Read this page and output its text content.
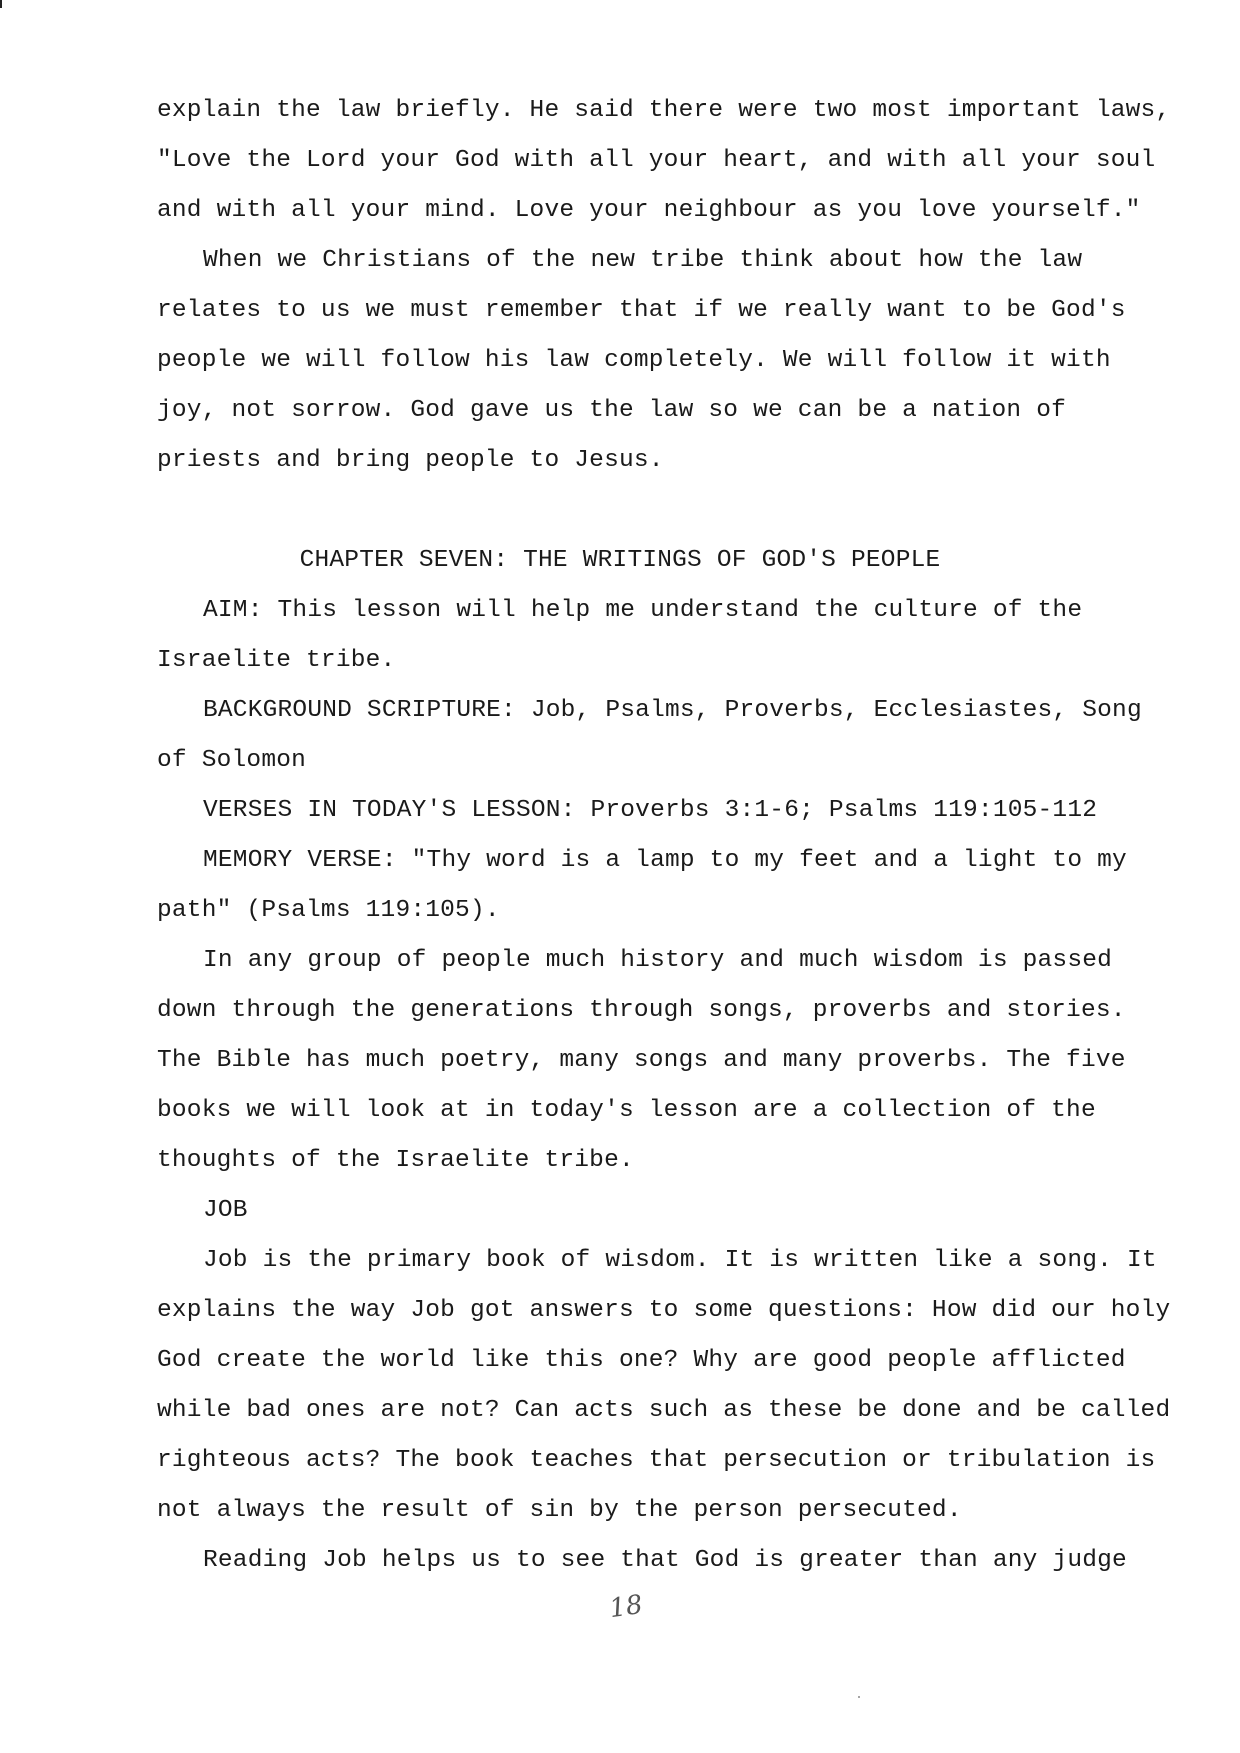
explain the law briefly. He said there were two most important laws,
"Love the Lord your God with all your heart, and with all your soul
and with all your mind. Love your neighbour as you love yourself."
When we Christians of the new tribe think about how the law
relates to us we must remember that if we really want to be God's
people we will follow his law completely. We will follow it with
joy, not sorrow. God gave us the law so we can be a nation of
priests and bring people to Jesus.
CHAPTER SEVEN: THE WRITINGS OF GOD'S PEOPLE
AIM: This lesson will help me understand the culture of the
Israelite tribe.
BACKGROUND SCRIPTURE: Job, Psalms, Proverbs, Ecclesiastes, Song
of Solomon
VERSES IN TODAY'S LESSON: Proverbs 3:1-6; Psalms 119:105-112
MEMORY VERSE: "Thy word is a lamp to my feet and a light to my
path" (Psalms 119:105).
In any group of people much history and much wisdom is passed
down through the generations through songs, proverbs and stories.
The Bible has much poetry, many songs and many proverbs. The five
books we will look at in today's lesson are a collection of the
thoughts of the Israelite tribe.
JOB
Job is the primary book of wisdom. It is written like a song. It
explains the way Job got answers to some questions: How did our holy
God create the world like this one? Why are good people afflicted
while bad ones are not? Can acts such as these be done and be called
righteous acts? The book teaches that persecution or tribulation is
not always the result of sin by the person persecuted.
Reading Job helps us to see that God is greater than any judge
18
